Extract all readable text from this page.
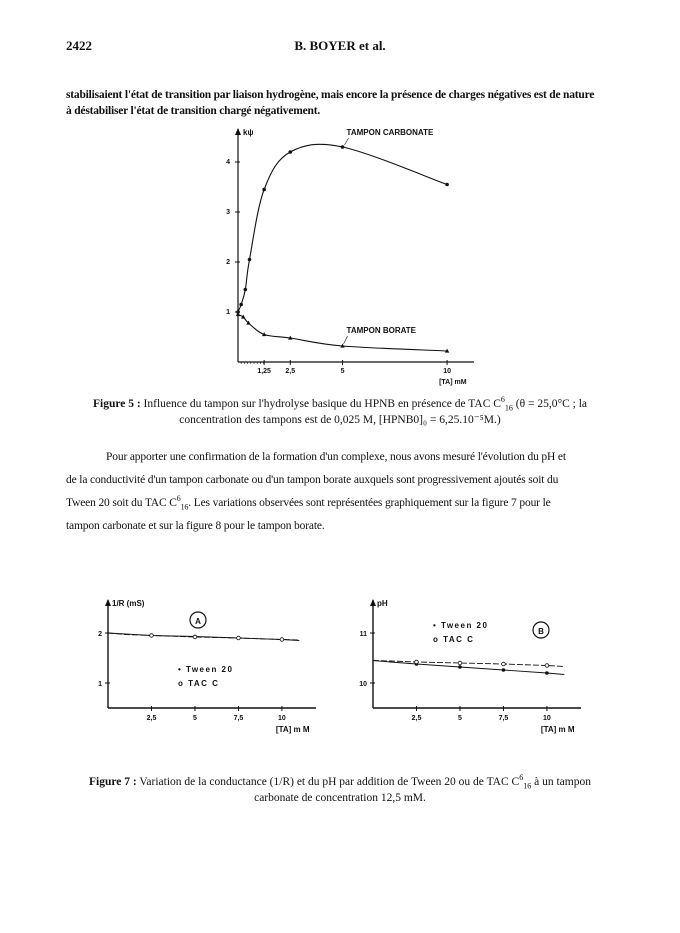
2422	B. BOYER et al.
stabilisaient l'état de transition par liaison hydrogène, mais encore la présence de charges négatives est de nature
à déstabiliser l'état de transition chargé négativement.
kψ
1
2
3
4
1,25 2,5	5	10
[TA] mM
TAMPON CARBONATE
TAMPON BORATE
Figure 5 : Influence du tampon sur l'hydrolyse basique du HPNB en présence de TAC $C^6_{16}$ (θ = 25,0°C ; la
concentration des tampons est de 0,025 M, [HPNB0]₀ = 6,25.10⁻⁵M.)
Pour apporter une confirmation de la formation d'un complexe, nous avons mesuré l'évolution du pH et
de la conductivité d'un tampon carbonate ou d'un tampon borate auxquels sont progressivement ajoutés soit du
Tween 20 soit du TAC $C^6_{16}$. Les variations observées sont représentées graphiquement sur la figure 7 pour le
tampon carbonate et sur la figure 8 pour le tampon borate.
1/R (mS)
1
2
2,5	5	7,5	10
[TA] m M
A
• Tween 20
o TAC C
pH
10
11
2,5	5	7,5	10
[TA] m M
B
• Tween 20
o TAC C
Figure 7 : Variation de la conductance (1/R) et du pH par addition de Tween 20 ou de TAC $C^6_{16}$ à un tampon
carbonate de concentration 12,5 mM.
